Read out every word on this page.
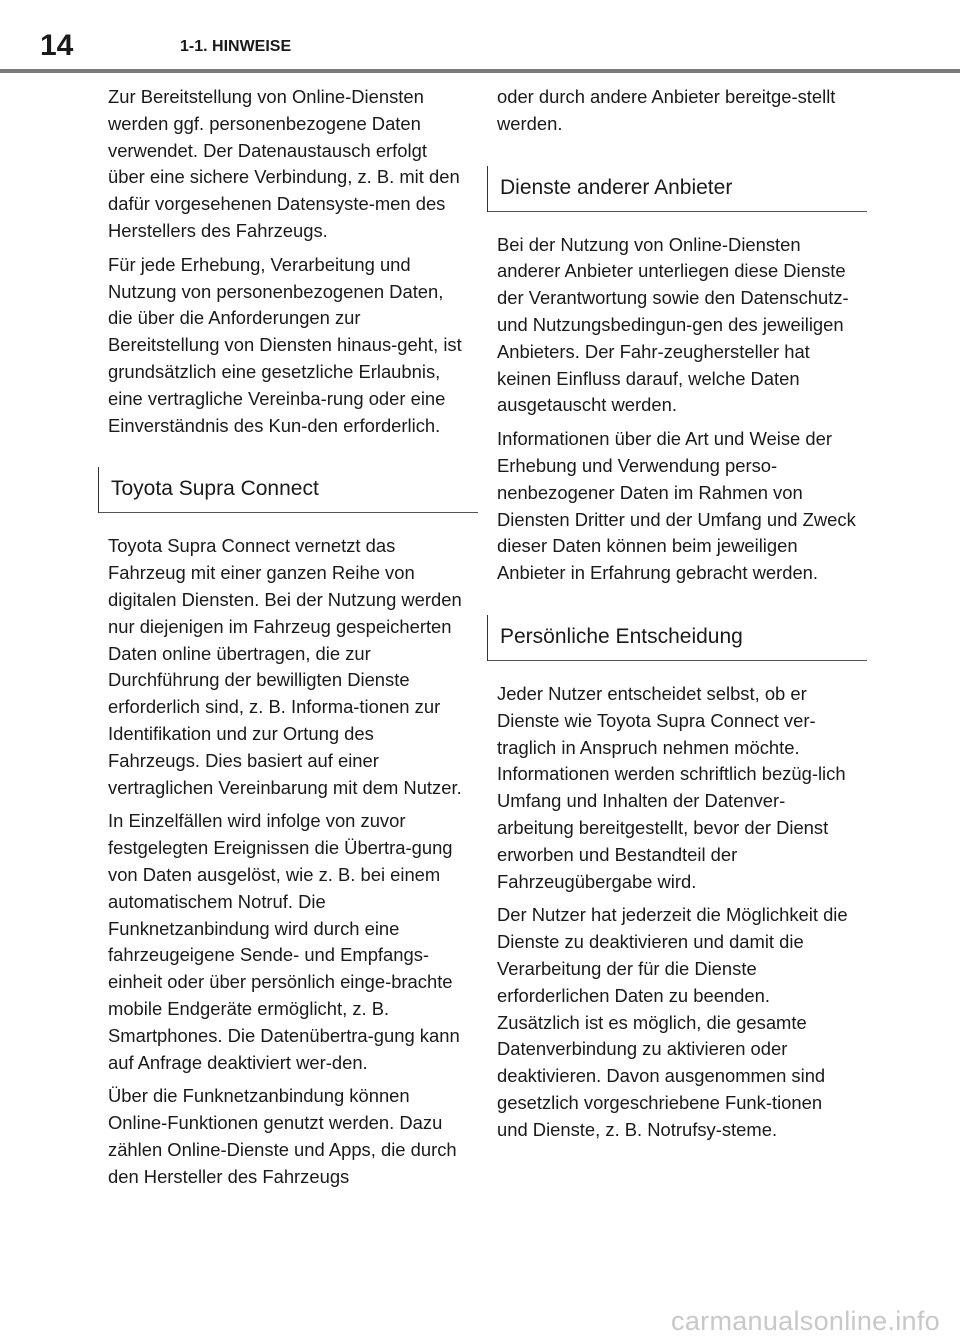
14	1-1. HINWEISE

Zur Bereitstellung von Online-Diensten werden ggf. personenbezogene Daten verwendet. Der Datenaustausch erfolgt über eine sichere Verbindung, z. B. mit den dafür vorgesehenen Datensyste-men des Herstellers des Fahrzeugs.

Für jede Erhebung, Verarbeitung und Nutzung von personenbezogenen Daten, die über die Anforderungen zur Bereitstellung von Diensten hinaus-geht, ist grundsätzlich eine gesetzliche Erlaubnis, eine vertragliche Vereinba-rung oder eine Einverständnis des Kun-den erforderlich.

Toyota Supra Connect

Toyota Supra Connect vernetzt das Fahrzeug mit einer ganzen Reihe von digitalen Diensten. Bei der Nutzung werden nur diejenigen im Fahrzeug gespeicherten Daten online übertragen, die zur Durchführung der bewilligten Dienste erforderlich sind, z. B. Informa-tionen zur Identifikation und zur Ortung des Fahrzeugs. Dies basiert auf einer vertraglichen Vereinbarung mit dem Nutzer.

In Einzelfällen wird infolge von zuvor festgelegten Ereignissen die Übertra-gung von Daten ausgelöst, wie z. B. bei einem automatischem Notruf. Die Funknetzanbindung wird durch eine fahrzeugeigene Sende- und Empfangs-einheit oder über persönlich einge-brachte mobile Endgeräte ermöglicht, z. B. Smartphones. Die Datenübertra-gung kann auf Anfrage deaktiviert wer-den.

Über die Funknetzanbindung können Online-Funktionen genutzt werden. Dazu zählen Online-Dienste und Apps, die durch den Hersteller des Fahrzeugs

oder durch andere Anbieter bereitge-stellt werden.

Dienste anderer Anbieter

Bei der Nutzung von Online-Diensten anderer Anbieter unterliegen diese Dienste der Verantwortung sowie den Datenschutz- und Nutzungsbedingun-gen des jeweiligen Anbieters. Der Fahr-zeughersteller hat keinen Einfluss darauf, welche Daten ausgetauscht werden.

Informationen über die Art und Weise der Erhebung und Verwendung perso-nenbezogener Daten im Rahmen von Diensten Dritter und der Umfang und Zweck dieser Daten können beim jeweiligen Anbieter in Erfahrung gebracht werden.

Persönliche Entscheidung

Jeder Nutzer entscheidet selbst, ob er Dienste wie Toyota Supra Connect ver-traglich in Anspruch nehmen möchte. Informationen werden schriftlich bezüg-lich Umfang und Inhalten der Datenver-arbeitung bereitgestellt, bevor der Dienst erworben und Bestandteil der Fahrzeugübergabe wird.

Der Nutzer hat jederzeit die Möglichkeit die Dienste zu deaktivieren und damit die Verarbeitung der für die Dienste erforderlichen Daten zu beenden. Zusätzlich ist es möglich, die gesamte Datenverbindung zu aktivieren oder deaktivieren. Davon ausgenommen sind gesetzlich vorgeschriebene Funk-tionen und Dienste, z. B. Notrufsy-steme.

carmanualsonline.info
